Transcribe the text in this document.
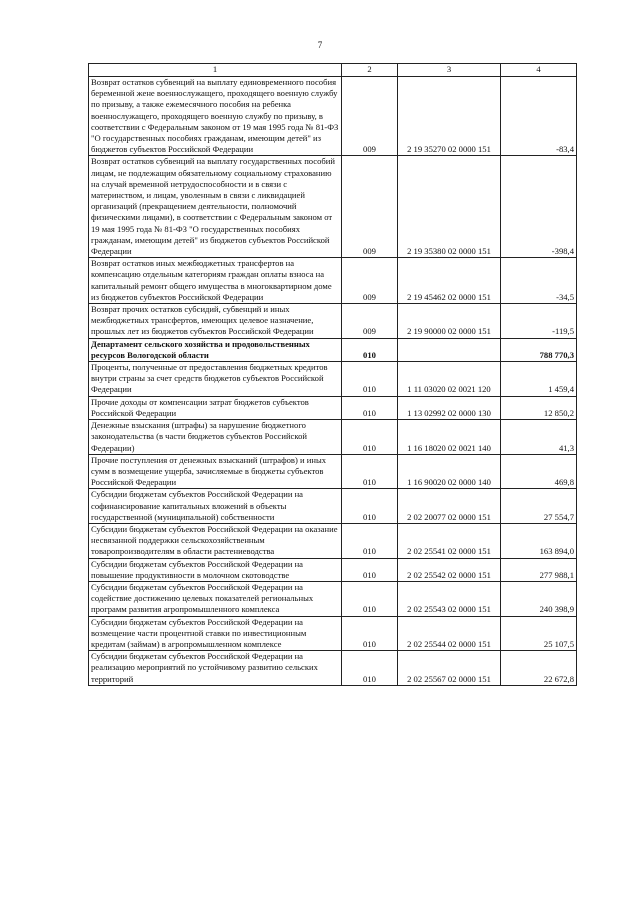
7
1	2	3	4
Возврат остатков субвенций на выплату единовременного пособия беременной жене военнослужащего, проходящего военную службу по призыву, а также ежемесячного пособия на ребенка военнослужащего, проходящего военную службу по призыву, в соответствии с Федеральным законом от 19 мая 1995 года № 81-ФЗ "О государственных пособиях гражданам, имеющим детей" из бюджетов субъектов Российской Федерации	009	2 19 35270 02 0000 151	-83,4
Возврат остатков субвенций на выплату государственных пособий лицам, не подлежащим обязательному социальному страхованию на случай временной нетрудоспособности и в связи с материнством, и лицам, уволенным в связи с ликвидацией организаций (прекращением деятельности, полномочий физическими лицами), в соответствии с Федеральным законом от 19 мая 1995 года № 81-ФЗ "О государственных пособиях гражданам, имеющим детей" из бюджетов субъектов Российской Федерации	009	2 19 35380 02 0000 151	-398,4
Возврат остатков иных межбюджетных трансфертов на компенсацию отдельным категориям граждан оплаты взноса на капитальный ремонт общего имущества в многоквартирном доме из бюджетов субъектов Российской Федерации	009	2 19 45462 02 0000 151	-34,5
Возврат прочих остатков субсидий, субвенций и иных межбюджетных трансфертов, имеющих целевое назначение, прошлых лет из бюджетов субъектов Российской Федерации	009	2 19 90000 02 0000 151	-119,5
Департамент сельского хозяйства и продовольственных ресурсов Вологодской области	010		788 770,3
Проценты, полученные от предоставления бюджетных кредитов внутри страны за счет средств бюджетов субъектов Российской Федерации	010	1 11 03020 02 0021 120	1 459,4
Прочие доходы от компенсации затрат бюджетов субъектов Российской Федерации	010	1 13 02992 02 0000 130	12 850,2
Денежные взыскания (штрафы) за нарушение бюджетного законодательства (в части бюджетов субъектов Российской Федерации)	010	1 16 18020 02 0021 140	41,3
Прочие поступления от денежных взысканий (штрафов) и иных сумм в возмещение ущерба, зачисляемые в бюджеты субъектов Российской Федерации	010	1 16 90020 02 0000 140	469,8
Субсидии бюджетам субъектов Российской Федерации на софинансирование капитальных вложений в объекты государственной (муниципальной) собственности	010	2 02 20077 02 0000 151	27 554,7
Субсидии бюджетам субъектов Российской Федерации на оказание несвязанной поддержки сельскохозяйственным товаропроизводителям в области растениеводства	010	2 02 25541 02 0000 151	163 894,0
Субсидии бюджетам субъектов Российской Федерации на повышение продуктивности в молочном скотоводстве	010	2 02 25542 02 0000 151	277 988,1
Субсидии бюджетам субъектов Российской Федерации на содействие достижению целевых показателей региональных программ развития агропромышленного комплекса	010	2 02 25543 02 0000 151	240 398,9
Субсидии бюджетам субъектов Российской Федерации на возмещение части процентной ставки по инвестиционным кредитам (займам) в агропромышленном комплексе	010	2 02 25544 02 0000 151	25 107,5
Субсидии бюджетам субъектов Российской Федерации на реализацию мероприятий по устойчивому развитию сельских территорий	010	2 02 25567 02 0000 151	22 672,8
